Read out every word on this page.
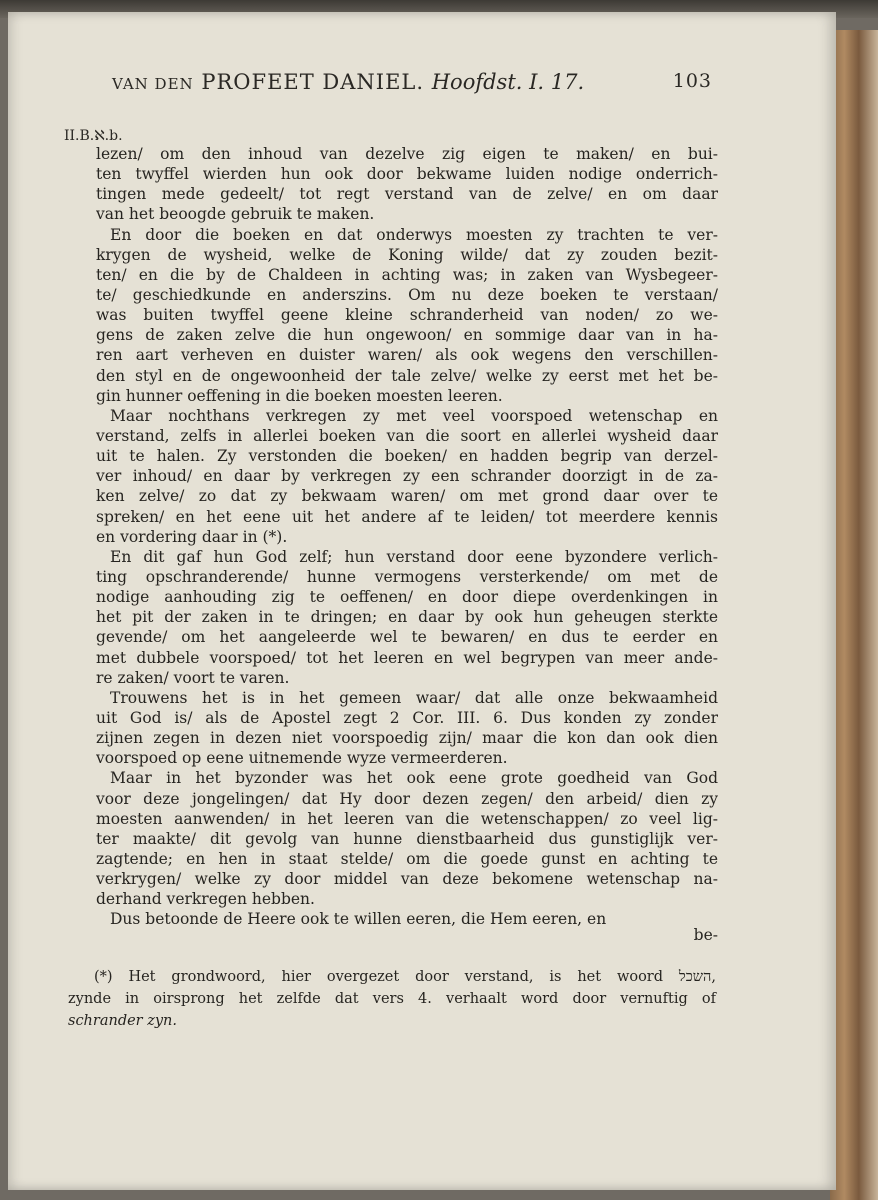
VAN DEN PROFEET DANIEL. Hoofdst. I. 17.	103
II.B.ℵ.b.
lezen/ om den inhoud van dezelve zig eigen te maken/ en bui-
ten twyffel wierden hun ook door bekwame luiden nodige onderrich-
tingen mede gedeelt/ tot regt verstand van de zelve/ en om daar
van het beoogde gebruik te maken.
En door die boeken en dat onderwys moesten zy trachten te ver-
krygen de wysheid, welke de Koning wilde/ dat zy zouden bezit-
ten/ en die by de Chaldeen in achting was; in zaken van Wysbegeer-
te/ geschiedkunde en anderszins. Om nu deze boeken te verstaan/
was buiten twyffel geene kleine schranderheid van noden/ zo we-
gens de zaken zelve die hun ongewoon/ en sommige daar van in ha-
ren aart verheven en duister waren/ als ook wegens den verschillen-
den styl en de ongewoonheid der tale zelve/ welke zy eerst met het be-
gin hunner oeffening in die boeken moesten leeren.
Maar nochthans verkregen zy met veel voorspoed wetenschap en
verstand, zelfs in allerlei boeken van die soort en allerlei wysheid daar
uit te halen. Zy verstonden die boeken/ en hadden begrip van derzel-
ver inhoud/ en daar by verkregen zy een schrander doorzigt in de za-
ken zelve/ zo dat zy bekwaam waren/ om met grond daar over te
spreken/ en het eene uit het andere af te leiden/ tot meerdere kennis
en vordering daar in (*).
En dit gaf hun God zelf; hun verstand door eene byzondere verlich-
ting opschranderende/ hunne vermogens versterkende/ om met de
nodige aanhouding zig te oeffenen/ en door diepe overdenkingen in
het pit der zaken in te dringen; en daar by ook hun geheugen sterkte
gevende/ om het aangeleerde wel te bewaren/ en dus te eerder en
met dubbele voorspoed/ tot het leeren en wel begrypen van meer ande-
re zaken/ voort te varen.
Trouwens het is in het gemeen waar/ dat alle onze bekwaamheid
uit God is/ als de Apostel zegt 2 Cor. III. 6. Dus konden zy zonder
zijnen zegen in dezen niet voorspoedig zijn/ maar die kon dan ook dien
voorspoed op eene uitnemende wyze vermeerderen.
Maar in het byzonder was het ook eene grote goedheid van God
voor deze jongelingen/ dat Hy door dezen zegen/ den arbeid/ dien zy
moesten aanwenden/ in het leeren van die wetenschappen/ zo veel lig-
ter maakte/ dit gevolg van hunne dienstbaarheid dus gunstiglijk ver-
zagtende; en hen in staat stelde/ om die goede gunst en achting te
verkrygen/ welke zy door middel van deze bekomene wetenschap na-
derhand verkregen hebben.
Dus betoonde de Heere ook te willen eeren, die Hem eeren, en
be-
(*) Het grondwoord, hier overgezet door verstand, is het woord השכל,
zynde in oirsprong het zelfde dat vers 4. verhaalt word door vernuftig of
schrander zyn.
